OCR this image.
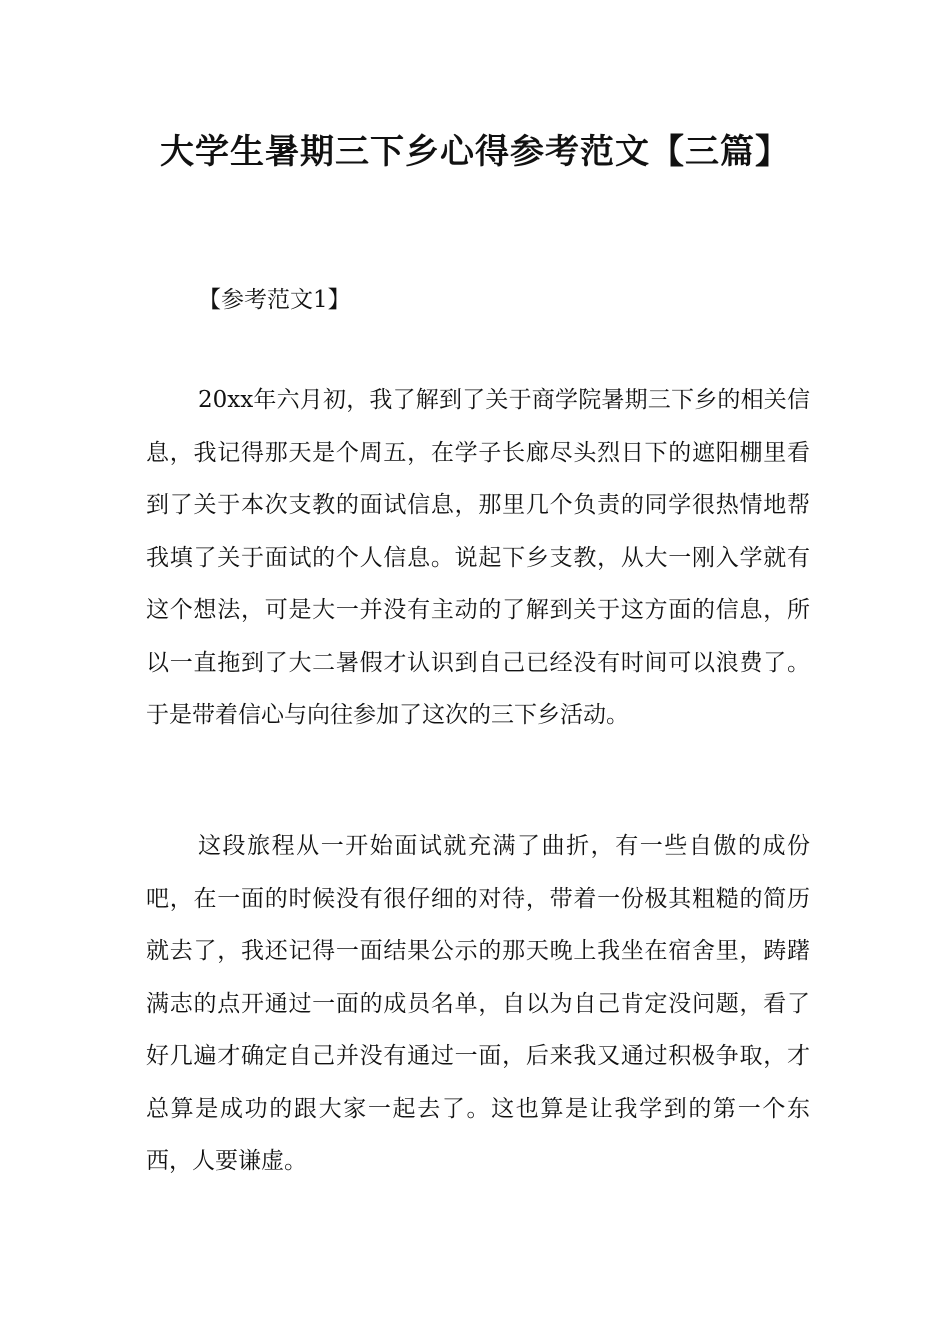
大学生暑期三下乡心得参考范文【三篇】

【参考范文1】

20xx年六月初，我了解到了关于商学院暑期三下乡的相关信息，我记得那天是个周五，在学子长廊尽头烈日下的遮阳棚里看到了关于本次支教的面试信息，那里几个负责的同学很热情地帮我填了关于面试的个人信息。说起下乡支教，从大一刚入学就有这个想法，可是大一并没有主动的了解到关于这方面的信息，所以一直拖到了大二暑假才认识到自己已经没有时间可以浪费了。于是带着信心与向往参加了这次的三下乡活动。

这段旅程从一开始面试就充满了曲折，有一些自傲的成份吧，在一面的时候没有很仔细的对待，带着一份极其粗糙的简历就去了，我还记得一面结果公示的那天晚上我坐在宿舍里，踌躇满志的点开通过一面的成员名单，自以为自己肯定没问题，看了好几遍才确定自己并没有通过一面，后来我又通过积极争取，才总算是成功的跟大家一起去了。这也算是让我学到的第一个东西，人要谦虚。
